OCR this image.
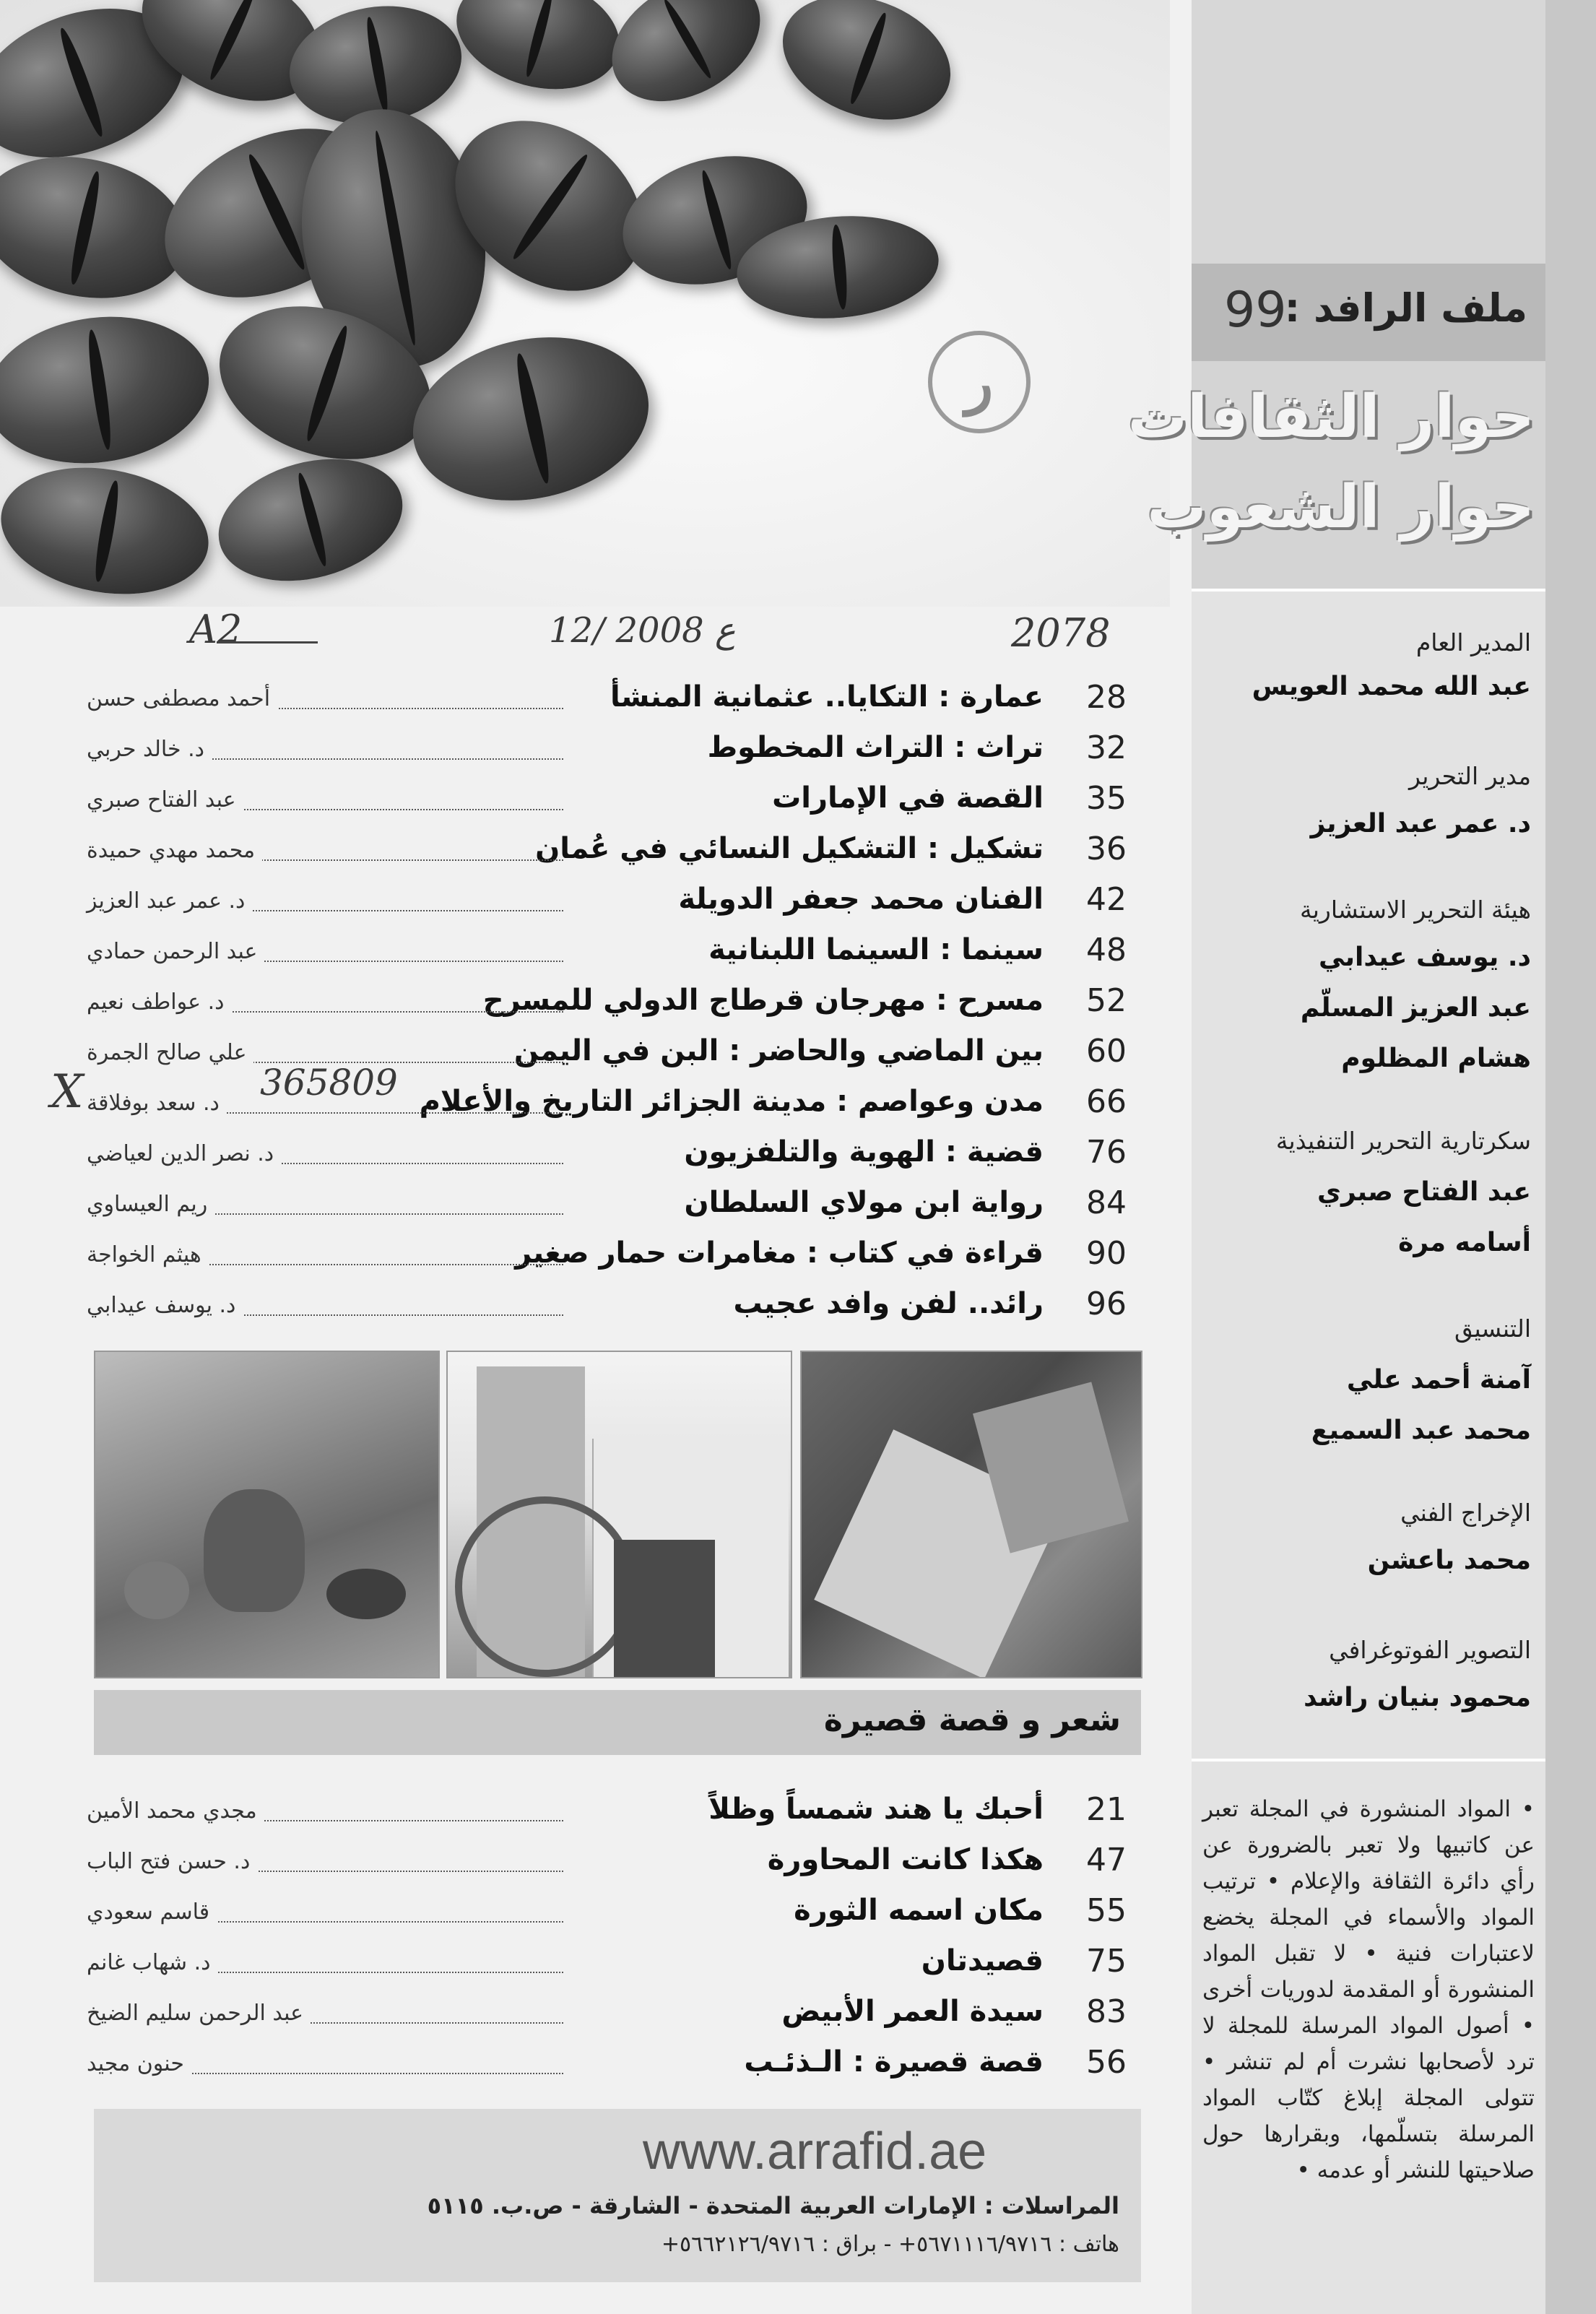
ر
A2	12/ ع 2008	2078
28
عمارة : التكايا.. عثمانية المنشأ
أحمد مصطفى حسن
32
تراث : التراث المخطوط
د. خالد حربي
35
القصة في الإمارات
عبد الفتاح صبري
36
تشكيل : التشكيل النسائي في عُمان
محمد مهدي حميدة
42
الفنان محمد جعفر الدويلة
د. عمر عبد العزيز
48
سينما : السينما اللبنانية
عبد الرحمن حمادي
52
مسرح : مهرجان قرطاج الدولي للمسرح
د. عواطف نعيم
60
بين الماضي والحاضر : البن في اليمن
علي صالح الجمرة
66
مدن وعواصم : مدينة الجزائر التاريخ والأعلام
د. سعد بوفلاقة
76
قضية : الهوية والتلفزيون
د. نصر الدين لعياضي
84
رواية ابن مولاي السلطان
ريم العيساوي
90
قراءة في كتاب : مغامرات حمار صغير
هيثم الخواجة
96
رائد.. لفن وافد عجيب
د. يوسف عيدابي
365809
X
شعر و قصة قصيرة
21
أحبك يا هند شمساً وظلاً
مجدي محمد الأمين
47
هكذا كانت المحاورة
د. حسن فتح الباب
55
مكان اسمه الثورة
قاسم سعودي
75
قصيدتان
د. شهاب غانم
83
سيدة العمر الأبيض
عبد الرحمن سليم الضيخ
56
قصة قصيرة : الـذئـب
حنون مجيد
www.arrafid.ae
المراسلات : الإمارات العربية المتحدة - الشارقة - ص.ب. ٥١١٥
هاتف : ٥٦٧١١١٦/٩٧١٦+ - براق : ٥٦٦٢١٢٦/٩٧١٦+
99
ملف الرافد :
حوار الثقافات
حوار الشعوب
المدير العام
عبد الله محمد العويس
مدير التحرير
د. عمر عبد العزيز
هيئة التحرير الاستشارية
د. يوسف عيدابي
عبد العزيز المسلّم
هشام المظلوم
سكرتارية التحرير التنفيذية
عبد الفتاح صبري
أسامه مرة
التنسيق
آمنة أحمد علي
محمد عبد السميع
الإخراج الفني
محمد باعشن
التصوير الفوتوغرافي
محمود بنيان راشد
• المواد المنشورة في المجلة تعبر عن كاتبيها ولا تعبر بالضرورة عن رأي دائرة الثقافة والإعلام • ترتيب المواد والأسماء في المجلة يخضع لاعتبارات فنية • لا تقبل المواد المنشورة أو المقدمة لدوريات أخرى • أصول المواد المرسلة للمجلة لا ترد لأصحابها نشرت أم لم تنشر • تتولى المجلة إبلاغ كتّاب المواد المرسلة بتسلّمها، وبقرارها حول صلاحيتها للنشر أو عدمه •
